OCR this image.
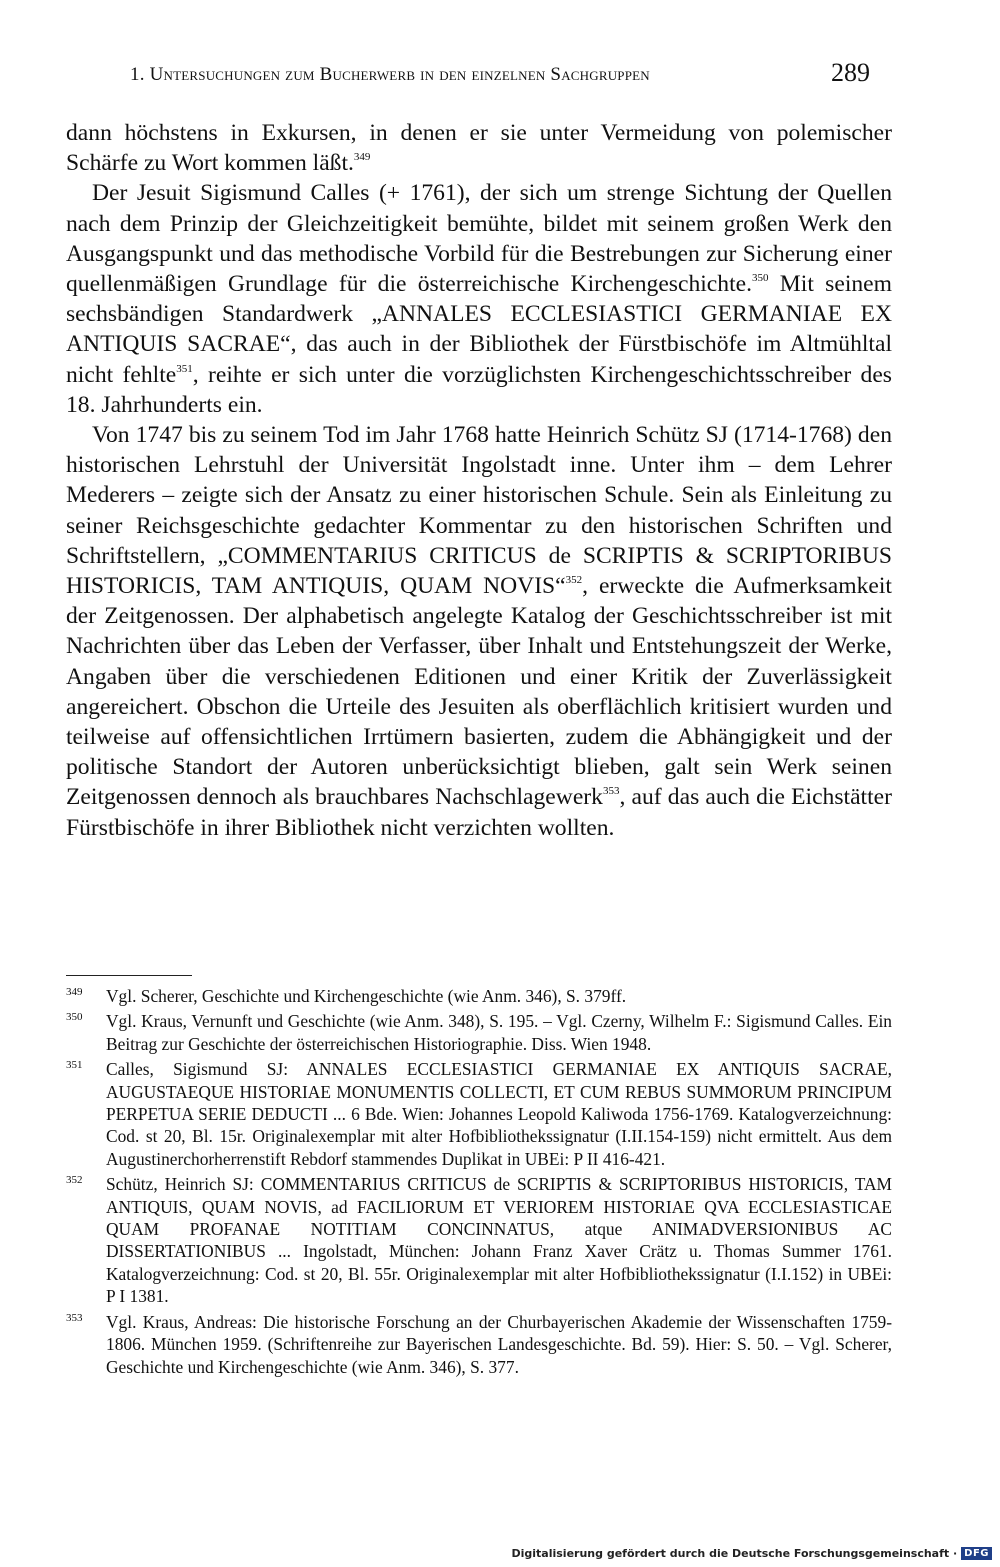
1. Untersuchungen zum Bucherwerb in den einzelnen Sachgruppen	289

dann höchstens in Exkursen, in denen er sie unter Vermeidung von polemischer Schärfe zu Wort kommen läßt.$^{349}$

Der Jesuit Sigismund Calles (+ 1761), der sich um strenge Sichtung der Quellen nach dem Prinzip der Gleichzeitigkeit bemühte, bildet mit seinem großen Werk den Ausgangspunkt und das methodische Vorbild für die Bestrebungen zur Sicherung einer quellenmäßigen Grundlage für die österreichische Kirchengeschichte.$^{350}$ Mit seinem sechsbändigen Standardwerk „ANNALES ECCLESIASTICI GERMANIAE EX ANTIQUIS SACRAE“, das auch in der Bibliothek der Fürstbischöfe im Altmühltal nicht fehlte$^{351}$, reihte er sich unter die vorzüglichsten Kirchengeschichtsschreiber des 18. Jahrhunderts ein.

Von 1747 bis zu seinem Tod im Jahr 1768 hatte Heinrich Schütz SJ (1714-1768) den historischen Lehrstuhl der Universität Ingolstadt inne. Unter ihm – dem Lehrer Mederers – zeigte sich der Ansatz zu einer historischen Schule. Sein als Einleitung zu seiner Reichsgeschichte gedachter Kommentar zu den historischen Schriften und Schriftstellern, „COMMENTARIUS CRITICUS de SCRIPTIS & SCRIPTORIBUS HISTORICIS, TAM ANTIQUIS, QUAM NOVIS“$^{352}$, erweckte die Aufmerksamkeit der Zeitgenossen. Der alphabetisch angelegte Katalog der Geschichtsschreiber ist mit Nachrichten über das Leben der Verfasser, über Inhalt und Entstehungszeit der Werke, Angaben über die verschiedenen Editionen und einer Kritik der Zuverlässigkeit angereichert. Obschon die Urteile des Jesuiten als oberflächlich kritisiert wurden und teilweise auf offensichtlichen Irrtümern basierten, zudem die Abhängigkeit und der politische Standort der Autoren unberücksichtigt blieben, galt sein Werk seinen Zeitgenossen dennoch als brauchbares Nachschlagewerk$^{353}$, auf das auch die Eichstätter Fürstbischöfe in ihrer Bibliothek nicht verzichten wollten.

349 Vgl. Scherer, Geschichte und Kirchengeschichte (wie Anm. 346), S. 379ff.
350 Vgl. Kraus, Vernunft und Geschichte (wie Anm. 348), S. 195. – Vgl. Czerny, Wilhelm F.: Sigismund Calles. Ein Beitrag zur Geschichte der österreichischen Historiographie. Diss. Wien 1948.
351 Calles, Sigismund SJ: ANNALES ECCLESIASTICI GERMANIAE EX ANTIQUIS SACRAE, AUGUSTAEQUE HISTORIAE MONUMENTIS COLLECTI, ET CUM REBUS SUMMORUM PRINCIPUM PERPETUA SERIE DEDUCTI ... 6 Bde. Wien: Johannes Leopold Kaliwoda 1756-1769. Katalogverzeichnung: Cod. st 20, Bl. 15r. Originalexemplar mit alter Hofbibliothekssignatur (I.II.154-159) nicht ermittelt. Aus dem Augustinerchorherrenstift Rebdorf stammendes Duplikat in UBEi: P II 416-421.
352 Schütz, Heinrich SJ: COMMENTARIUS CRITICUS de SCRIPTIS & SCRIPTORIBUS HISTORICIS, TAM ANTIQUIS, QUAM NOVIS, ad FACILIORUM ET VERIOREM HISTORIAE QVA ECCLESIASTICAE QUAM PROFANAE NOTITIAM CONCINNATUS, atque ANIMADVERSIONIBUS AC DISSERTATIONIBUS ... Ingolstadt, München: Johann Franz Xaver Crätz u. Thomas Summer 1761. Katalogverzeichnung: Cod. st 20, Bl. 55r. Originalexemplar mit alter Hofbibliothekssignatur (I.I.152) in UBEi: P I 1381.
353 Vgl. Kraus, Andreas: Die historische Forschung an der Churbayerischen Akademie der Wissenschaften 1759-1806. München 1959. (Schriftenreihe zur Bayerischen Landesgeschichte. Bd. 59). Hier: S. 50. – Vgl. Scherer, Geschichte und Kirchengeschichte (wie Anm. 346), S. 377.
Digitalisierung gefördert durch die Deutsche Forschungsgemeinschaft · DFG
